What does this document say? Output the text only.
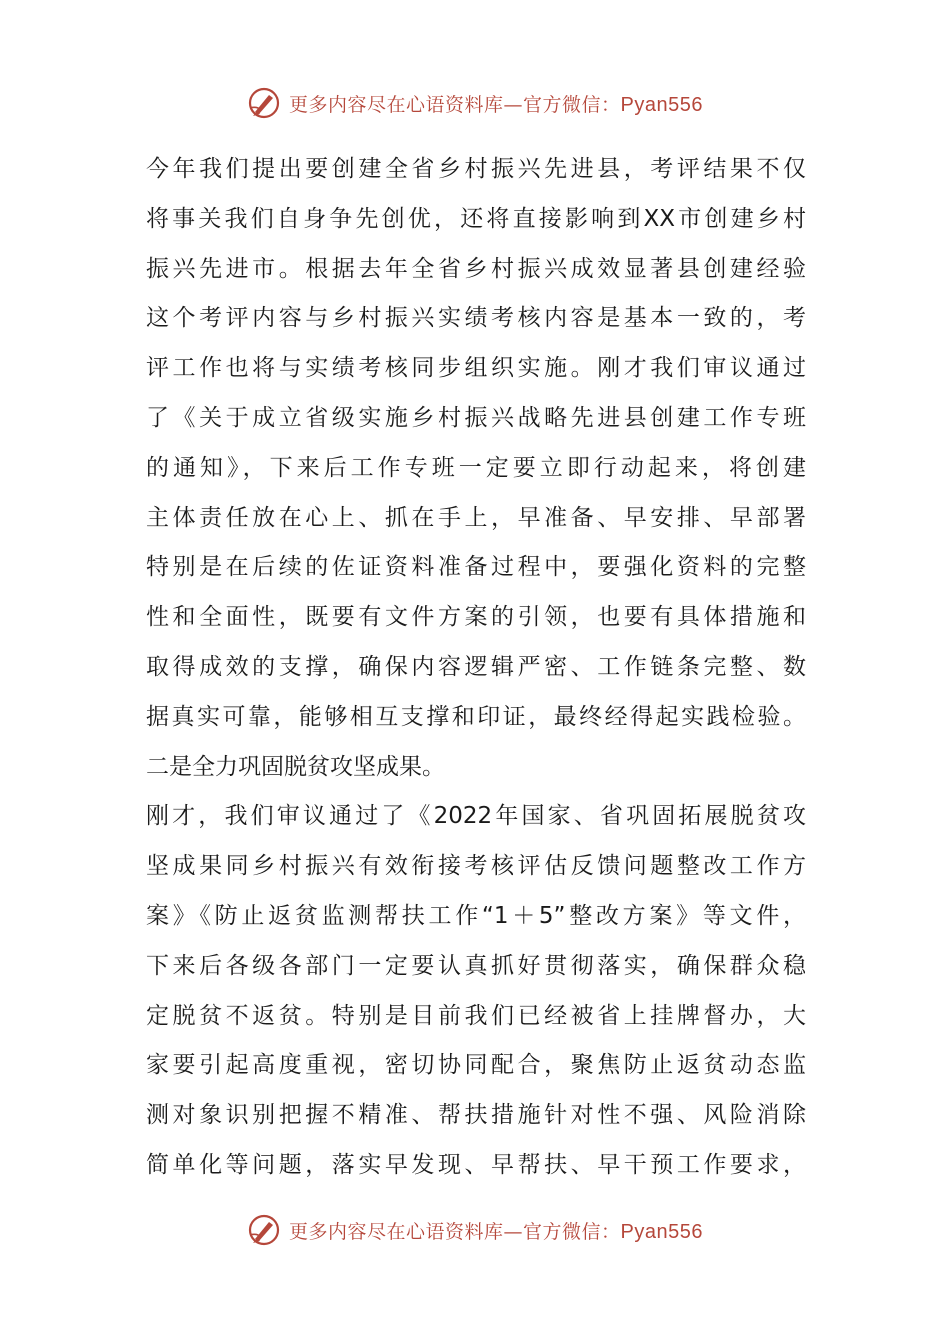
更多内容尽在心语资料库—官方微信：Pyan556
今年我们提出要创建全省乡村振兴先进县，考评结果不仅
将事关我们自身争先创优，还将直接影响到XX市创建乡村
振兴先进市。根据去年全省乡村振兴成效显著县创建经验
这个考评内容与乡村振兴实绩考核内容是基本一致的，考
评工作也将与实绩考核同步组织实施。刚才我们审议通过
了《关于成立省级实施乡村振兴战略先进县创建工作专班
的通知》，下来后工作专班一定要立即行动起来，将创建
主体责任放在心上、抓在手上，早准备、早安排、早部署
特别是在后续的佐证资料准备过程中，要强化资料的完整
性和全面性，既要有文件方案的引领，也要有具体措施和
取得成效的支撑，确保内容逻辑严密、工作链条完整、数
据真实可靠，能够相互支撑和印证，最终经得起实践检验。
二是全力巩固脱贫攻坚成果。
刚才，我们审议通过了《2022年国家、省巩固拓展脱贫攻
坚成果同乡村振兴有效衔接考核评估反馈问题整改工作方
案》《防止返贫监测帮扶工作“1＋5”整改方案》等文件，
下来后各级各部门一定要认真抓好贯彻落实，确保群众稳
定脱贫不返贫。特别是目前我们已经被省上挂牌督办，大
家要引起高度重视，密切协同配合，聚焦防止返贫动态监
测对象识别把握不精准、帮扶措施针对性不强、风险消除
简单化等问题，落实早发现、早帮扶、早干预工作要求，
更多内容尽在心语资料库—官方微信：Pyan556
